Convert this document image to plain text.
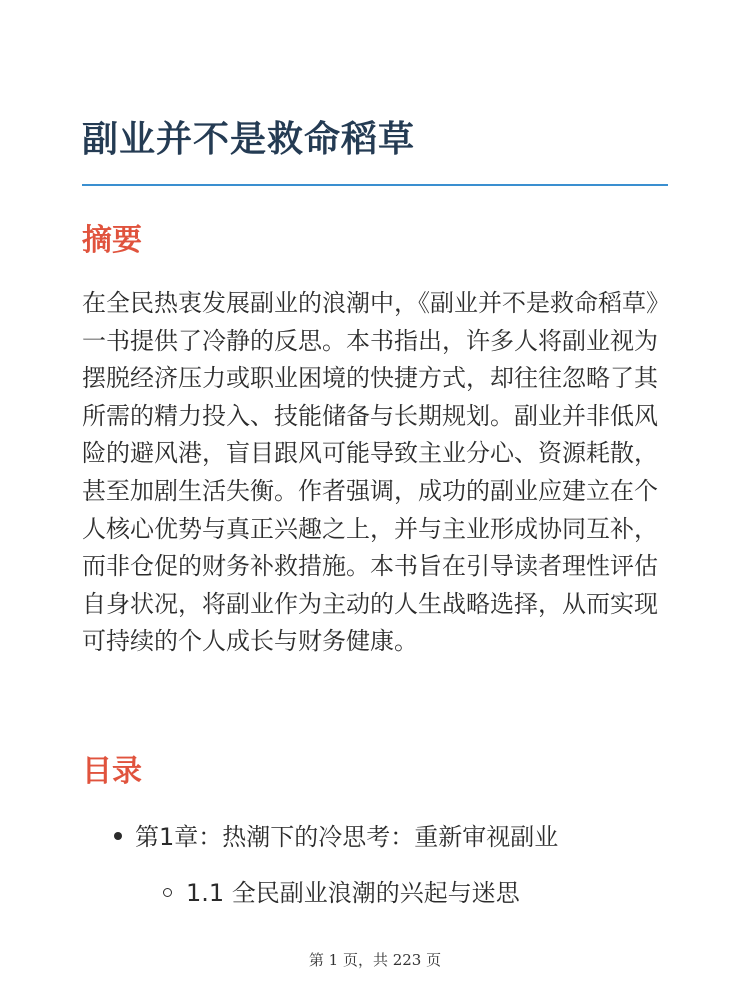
副业并不是救命稻草
摘要

在全民热衷发展副业的浪潮中，《副业并不是救命稻草》一书提供了冷静的反思。本书指出，许多人将副业视为摆脱经济压力或职业困境的快捷方式，却往往忽略了其所需的精力投入、技能储备与长期规划。副业并非低风险的避风港，盲目跟风可能导致主业分心、资源耗散，甚至加剧生活失衡。作者强调，成功的副业应建立在个人核心优势与真正兴趣之上，并与主业形成协同互补，而非仓促的财务补救措施。本书旨在引导读者理性评估自身状况，将副业作为主动的人生战略选择，从而实现可持续的个人成长与财务健康。

目录
第1章：热潮下的冷思考：重新审视副业
1.1 全民副业浪潮的兴起与迷思
第 1 页，共 223 页
